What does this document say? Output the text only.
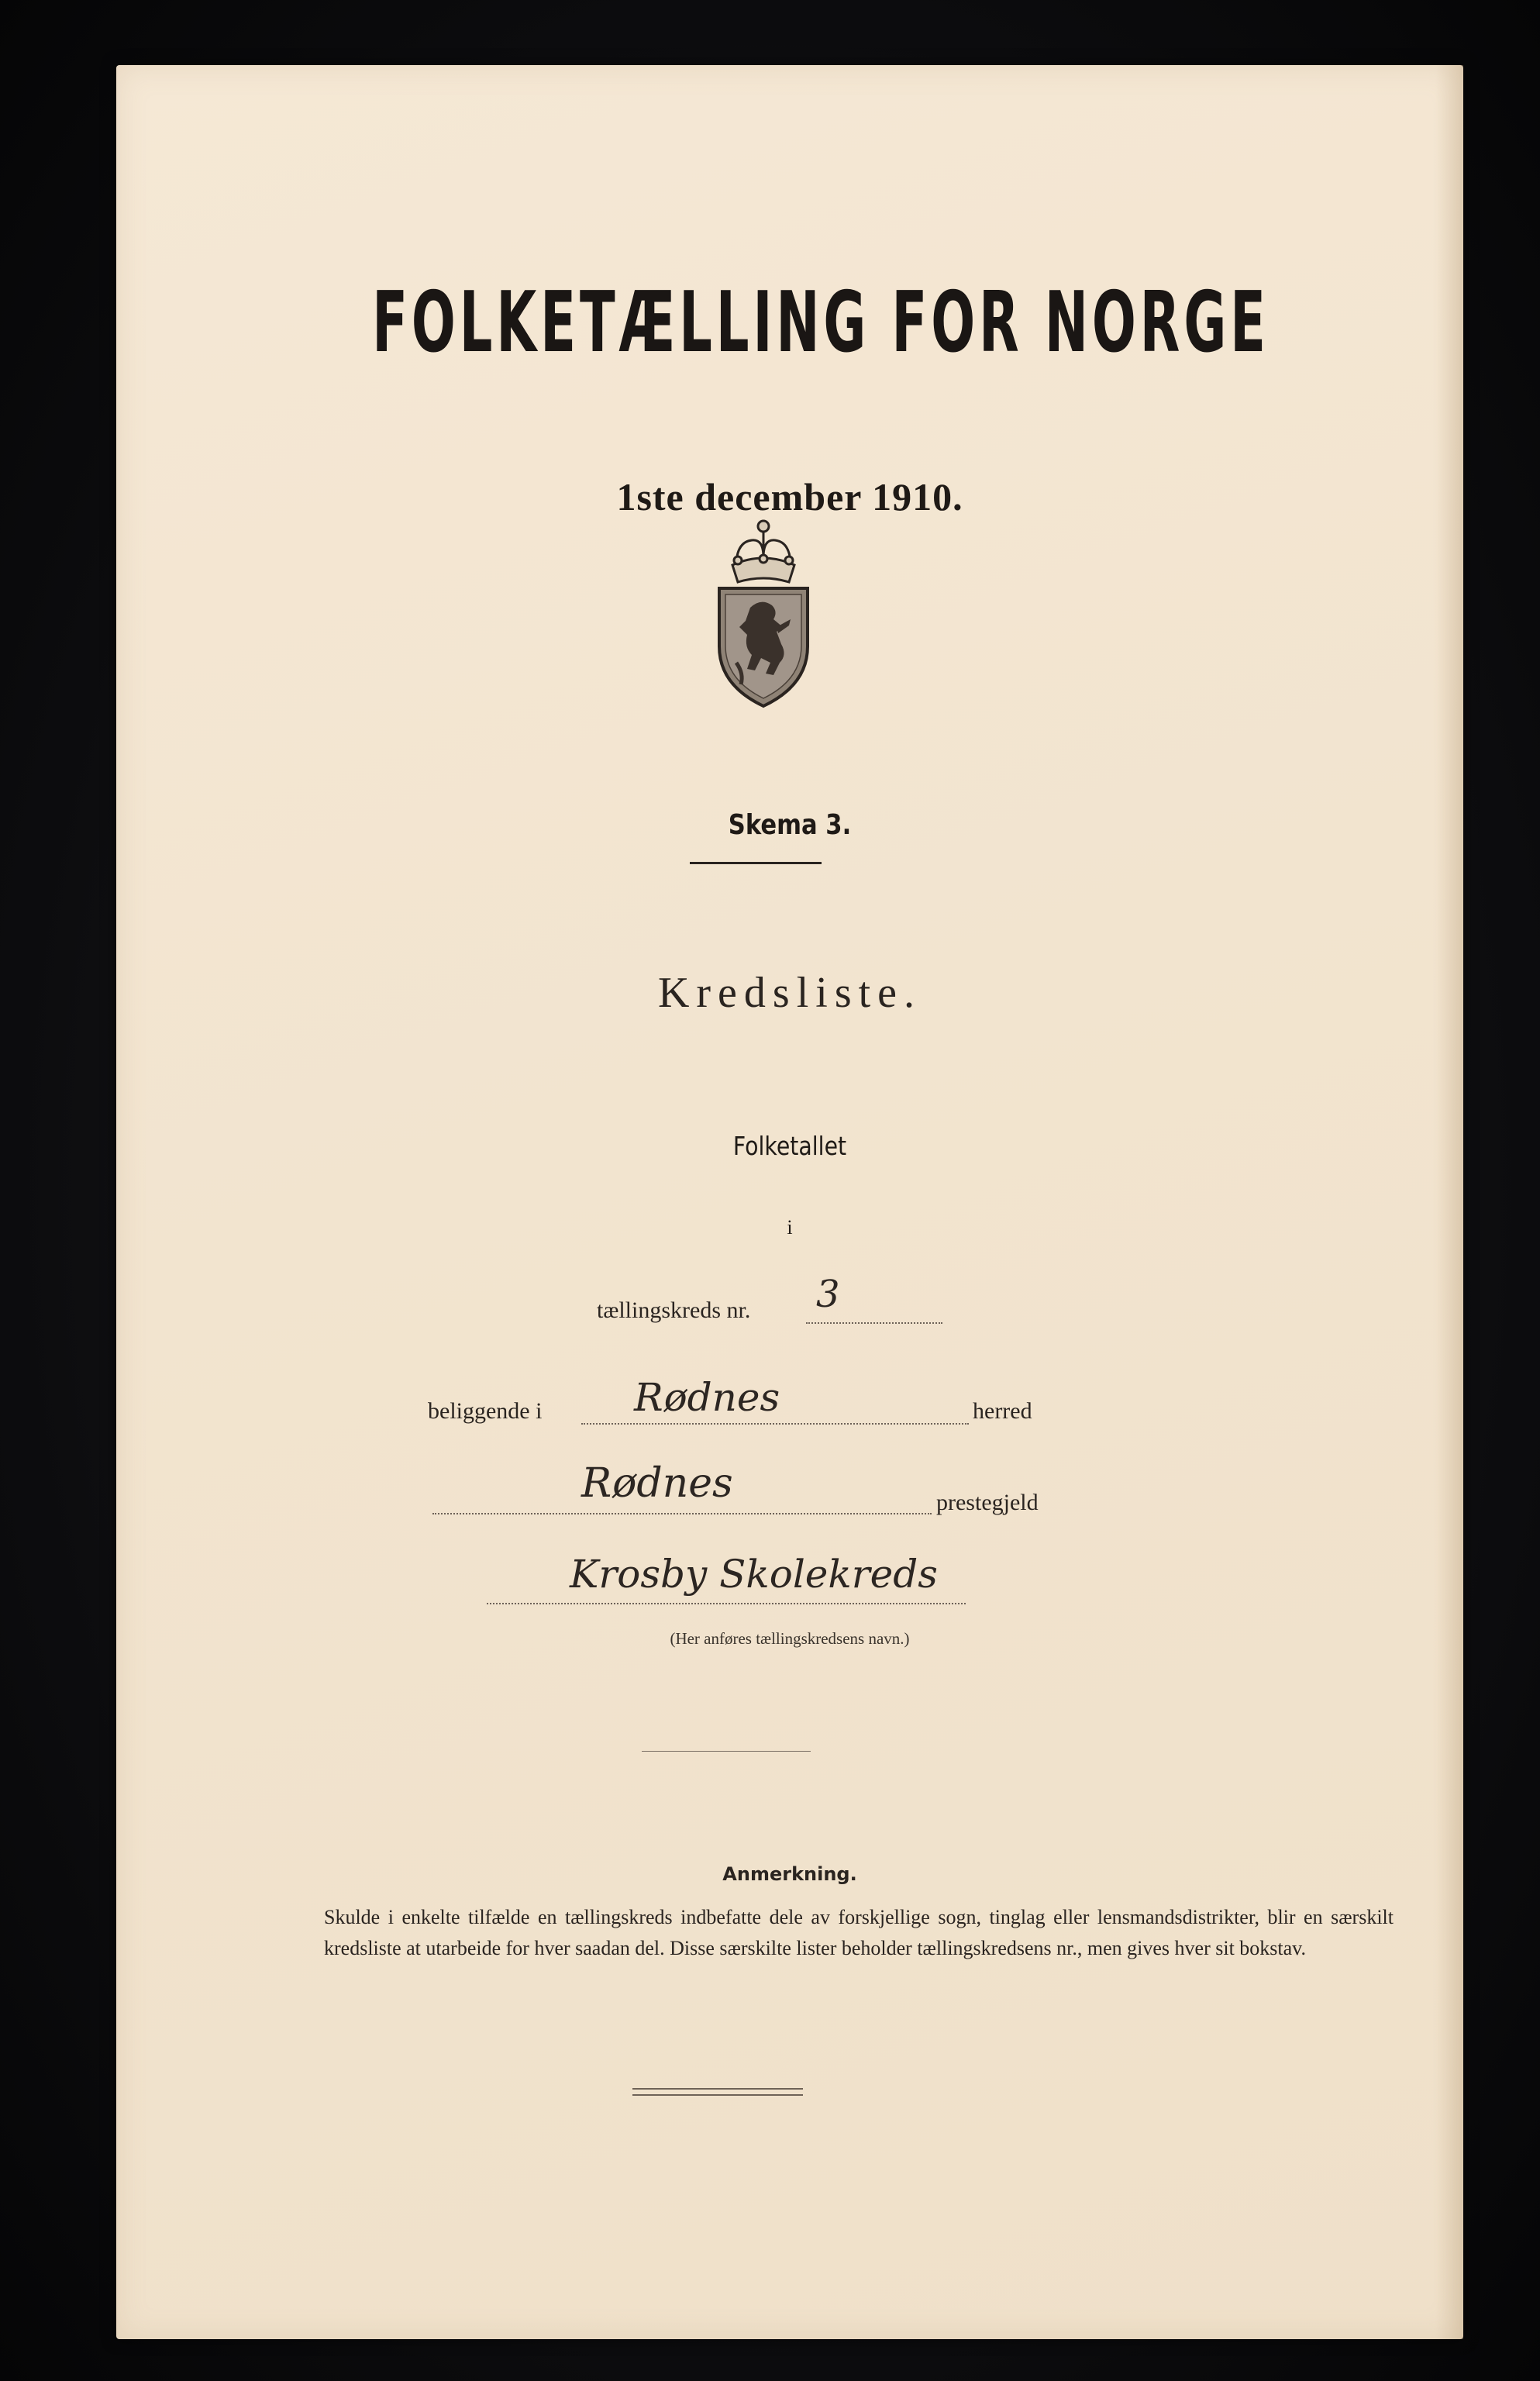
FOLKETÆLLING FOR NORGE
1ste december 1910.
Skema 3.
Kredsliste.
Folketallet
i
tællingskreds nr. 3
beliggende i Rødnes	herred
Rødnes	prestegjeld
Krosby Skolekreds
(Her anføres tællingskredsens navn.)
Anmerkning.
Skulde i enkelte tilfælde en tællingskreds indbefatte dele av forskjellige sogn, tinglag eller lensmandsdistrikter, blir en særskilt kredsliste at utarbeide for hver saadan del. Disse særskilte lister beholder tællingskredsens nr., men gives hver sit bokstav.
